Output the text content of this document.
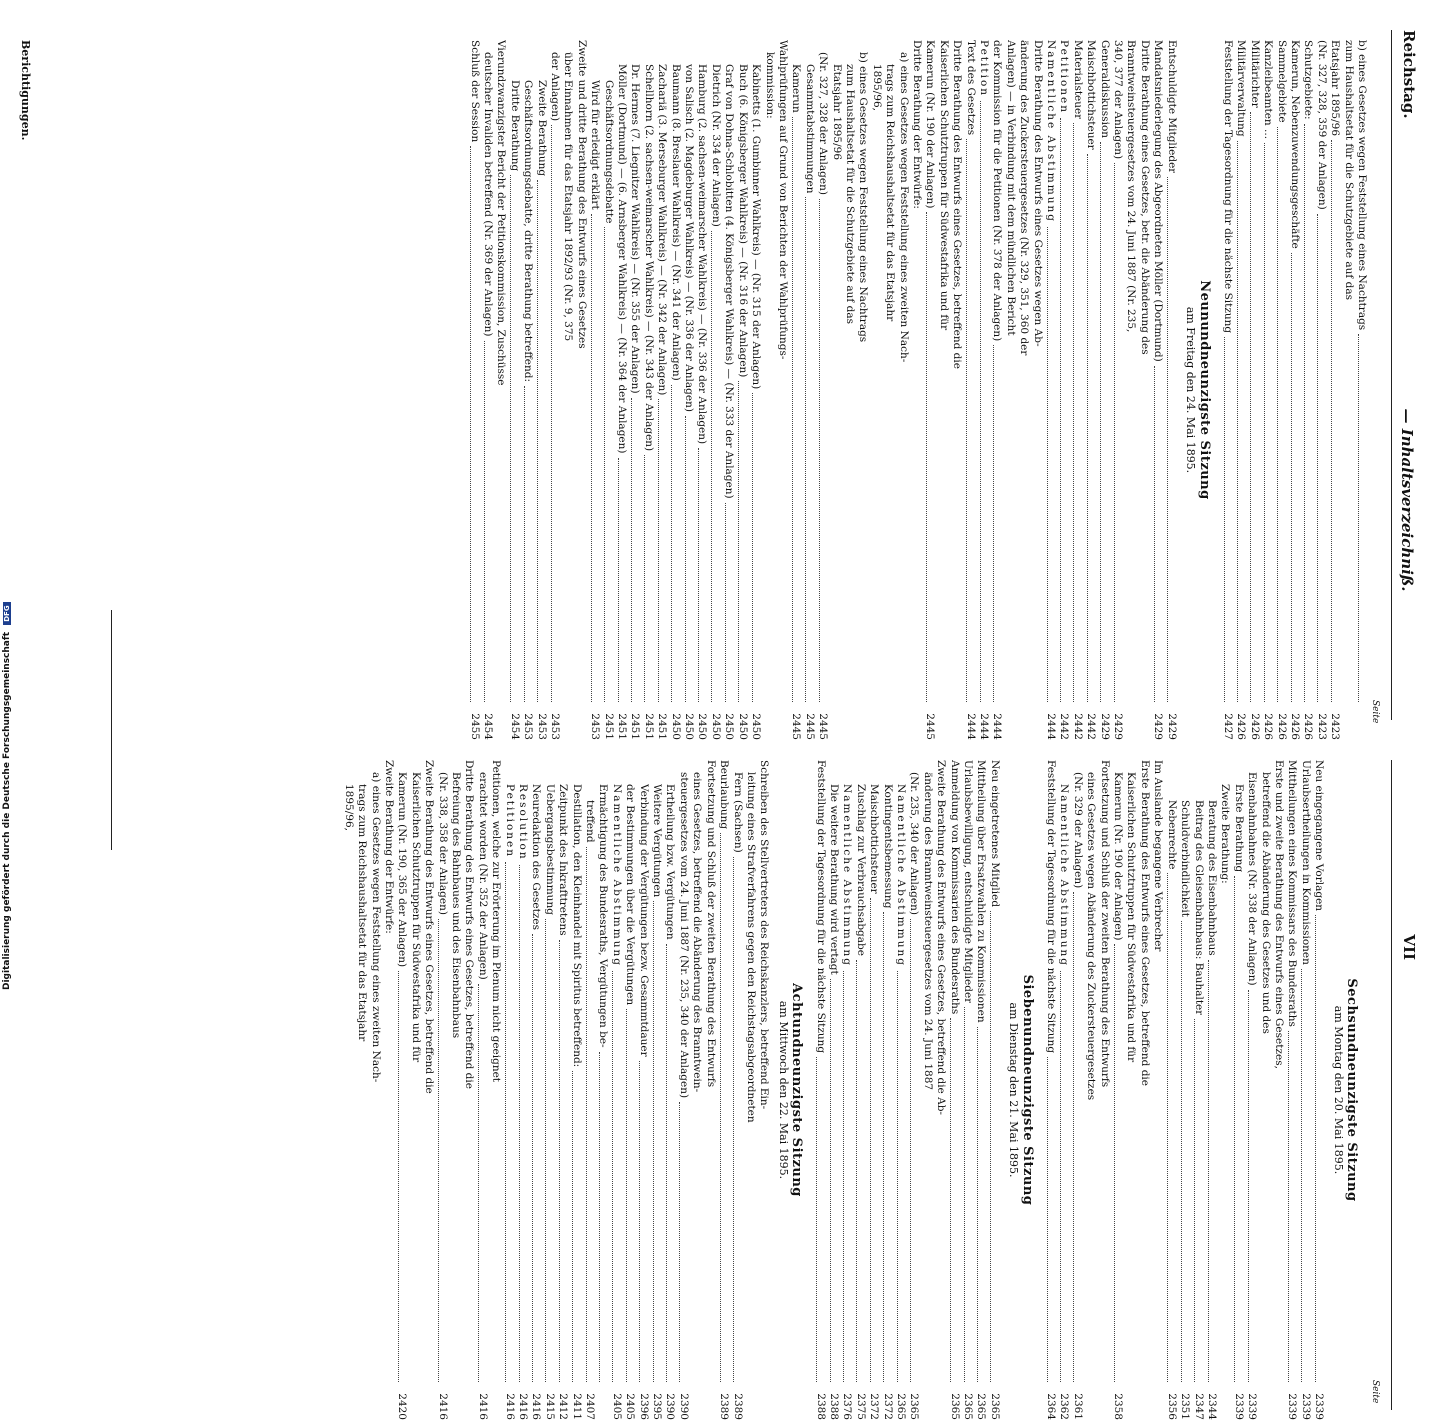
Reichstag.
— Inhaltsverzeichniß.
VII
Seite
Seite
b) eines Gesetzes wegen Feststellung eines Nachtrags
zum Haushaltsetat für die Schutzgebiete auf das
Etatsjahr 1895/96
2423
(Nr. 327, 328, 359 der Anlagen)
2423
Schutzgebiete:
2426
Kamerun, Nebenzuwendungsgeschäfte
2426
Sammelgebiete
2426
Kanzleibeamten ...
2426
Militärichter
2426
Militärverwaltung
2426
Feststellung der Tagesordnung für die nächste Sitzung
2427
Neunundneunzigste Sitzung
am Freitag den 24. Mai 1895.
Entschuldigte Mitglieder
2429
Mandatsniederlegung des Abgeordneten Möller (Dortmund)
2429
Dritte Berathung eines Gesetzes, betr. die Abänderung des
Branntweinsteuergesetzes vom 24. Juni 1887 (Nr. 235,
340, 377 der Anlagen)
2429
Generaldiskussion
2429
Maischbottichsteuer
2442
Materialsteuer
2442
Petitionen
2442
Namentliche Abstimmung
2444
Dritte Berathung des Entwurfs eines Gesetzes wegen Ab-
änderung des Zuckersteuergesetzes (Nr. 329, 351, 360 der
Anlagen) — in Verbindung mit dem mündlichen Bericht
der Kommission für die Petitionen (Nr. 378 der Anlagen)
2444
Petition
2444
Text des Gesetzes
2444
Dritte Berathung des Entwurfs eines Gesetzes, betreffend die
Kaiserlichen Schutztruppen für Südwestafrika und für
Kamerun (Nr. 190 der Anlagen)
2445
Dritte Berathung der Entwürfe:
a) eines Gesetzes wegen Feststellung eines zweiten Nach-
trags zum Reichshaushaltsetat für das Etatsjahr
1895/96,
b) eines Gesetzes wegen Feststellung eines Nachtrags
zum Haushaltsetat für die Schutzgebiete auf das
Etatsjahr 1895/96
(Nr. 327, 328 der Anlagen)
2445
Gesammtabstimmungen
2445
Kamerun
2445
Wahlprüfungen auf Grund von Berichten der Wahlprüfungs-
kommission:
Kabinetts (1. Gumbinner Wahlkreis) — (Nr. 315 der Anlagen)
2450
Buch (6. Königsberger Wahlkreis) — (Nr. 316 der Anlagen)
2450
Graf von Dohna-Schlobitten (4. Königsberger Wahlkreis) — (Nr. 333 der Anlagen)
2450
Dietrich (Nr. 334 der Anlagen)
2450
Hamburg (2. sachsen-weimarscher Wahlkreis) — (Nr. 336 der Anlagen)
2450
von Salisch (2. Magdeburger Wahlkreis) — (Nr. 336 der Anlagen)
2450
Baumann (8. Breslauer Wahlkreis) — (Nr. 341 der Anlagen)
2450
Zachariä (3. Merseburger Wahlkreis) — (Nr. 342 der Anlagen)
2451
Schellhorn (2. sachsen-weimarscher Wahlkreis) — (Nr. 343 der Anlagen)
2451
Dr. Hermes (7. Liegnitzer Wahlkreis) — (Nr. 355 der Anlagen)
2451
Möller (Dortmund) — (6. Arnsberger Wahlkreis) — (Nr. 364 der Anlagen)
2451
Geschäftsordnungsdebatte
2451
Wird für erledigt erklärt
2453
Zweite und dritte Berathung des Entwurfs eines Gesetzes
über Einnahmen für das Etatsjahr 1892/93 (Nr. 9, 375
der Anlagen)
2453
Zweite Berathung
2453
Geschäftsordnungsdebatte, dritte Berathung betreffend:
2453
Dritte Berathung
2454
Vierundzwanzigster Bericht der Petitionskommission, Zuschüsse
deutscher Invaliden betreffend (Nr. 369 der Anlagen)
2454
Schluß der Session
2455
Sechsundneunzigste Sitzung
am Montag den 20. Mai 1895.
Neu eingegangene Vorlagen
2339
Urlaubsertheilungen in Kommissionen
2339
Mittheilungen eines Kommissars des Bundesraths
2339
Erste und zweite Berathung des Entwurfs eines Gesetzes,
betreffend die Abänderung des Gesetzes und des
Eisenbahnbahnes (Nr. 338 der Anlagen)
2339
Erste Berathung
2339
Zweite Berathung:
Beratung des Eisenbahnbaus
2344
Beitrag des Gleisenbahnbaus: Bauhalter
2347
Schuldverbindlichkeit
2351
Nebenrechte
2356
Im Auslande begangene Verbrecher
Erste Berathung des Entwurfs eines Gesetzes, betreffend die
Kaiserlichen Schutztruppen für Südwestafrika und für
Kamerun (Nr. 190 der Anlagen)
2358
Fortsetzung und Schluß der zweiten Berathung des Entwurfs
eines Gesetzes wegen Abänderung des Zuckersteuergesetzes
(Nr. 329 der Anlagen)
2361
Namentliche Abstimmung
2362
Feststellung der Tagesordnung für die nächste Sitzung
2364
Siebenundneunzigste Sitzung
am Dienstag den 21. Mai 1895.
Neu eingetretenes Mitglied
2365
Mittheilung über Ersatzwahlen zu Kommissionen
2365
Urlaubsbewilligung, entschuldigte Mitglieder
2365
Anmeldung von Kommissarien des Bundesraths
2365
Zweite Berathung des Entwurfs eines Gesetzes, betreffend die Ab-
änderung des Branntweinsteuergesetzes vom 24. Juni 1887
(Nr. 235, 340 der Anlagen)
2365
Namentliche Abstimmung
2365
Kontingentsbemessung
2372
Maischbottichsteuer
2372
Zuschlag zur Verbrauchsabgabe
2375
Namentliche Abstimmung
2376
Die weitere Berathung wird vertagt
2388
Feststellung der Tagesordnung für die nächste Sitzung
2388
Achtundneunzigste Sitzung
am Mittwoch den 22. Mai 1895.
Schreiben des Stellvertreters des Reichskanzlers, betreffend Ein-
leitung eines Strafverfahrens gegen den Reichstagsabgeordneten
Fern (Sachsen)
2389
Beurlaubung
2389
Fortsetzung und Schluß der zweiten Berathung des Entwurfs
eines Gesetzes, betreffend die Abänderung des Branntwein-
steuergesetzes vom 24. Juni 1887 (Nr. 235, 340 der Anlagen)
2390
Ertheilung bzw. Vergütungen
2390
Weitere Vergütungen
2395
Verbindung der Vergütungen bezw. Gesammtdauer
2396
der Bestimmungen über die Vergütungen
2405
Namentliche Abstimmung
2405
Ermächtigung des Bundesraths, Vergütungen be-
treffend
2407
Destillation, den Kleinhandel mit Spiritus betreffend:
2411
Zeitpunkt des Inkrafttretens
2412
Uebergangsbestimmung
2415
Neuredaktion des Gesetzes
2416
Resolution
2416
Petitionen
2416
Petitionen, welche zur Erörterung im Plenum nicht geeignet
erachtet worden (Nr. 352 der Anlagen)
2416
Dritte Berathung des Entwurfs eines Gesetzes, betreffend die
Befreiung des Bahnbaues und des Eisenbahnbaus
(Nr. 338, 358 der Anlagen)
2416
Zweite Berathung des Entwurfs eines Gesetzes, betreffend die
Kaiserlichen Schutztruppen für Südwestafrika und für
Kamerun (Nr. 190, 365 der Anlagen)
2420
Zweite Berathung der Entwürfe:
a) eines Gesetzes wegen Feststellung eines zweiten Nach-
trags zum Reichshaushaltsetat für das Etatsjahr
1895/96,
Berichtigungen.
Digitalisierung gefördert durch die Deutsche Forschungsgemeinschaft DFG
